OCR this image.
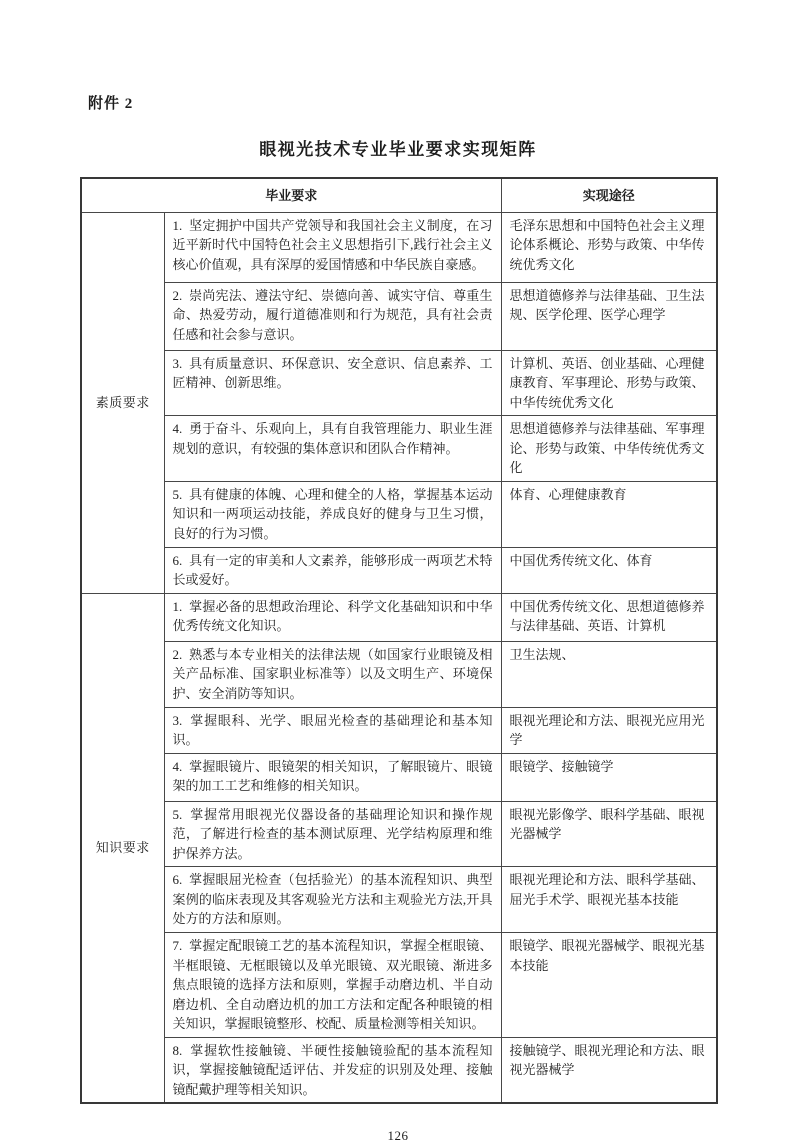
附件 2
眼视光技术专业毕业要求实现矩阵
毕业要求		实现途径
素质要求	1.  坚定拥护中国共产党领导和我国社会主义制度，在习近平新时代中国特色社会主义思想指引下,践行社会主义核心价值观，具有深厚的爱国情感和中华民族自豪感。	毛泽东思想和中国特色社会主义理论体系概论、形势与政策、中华传统优秀文化
	2.  崇尚宪法、遵法守纪、崇德向善、诚实守信、尊重生命、热爱劳动，履行道德准则和行为规范，具有社会责任感和社会参与意识。	思想道德修养与法律基础、卫生法规、医学伦理、医学心理学
	3.  具有质量意识、环保意识、安全意识、信息素养、工匠精神、创新思维。	计算机、英语、创业基础、心理健康教育、军事理论、形势与政策、中华传统优秀文化
	4.  勇于奋斗、乐观向上，具有自我管理能力、职业生涯规划的意识，有较强的集体意识和团队合作精神。	思想道德修养与法律基础、军事理论、形势与政策、中华传统优秀文化
	5.  具有健康的体魄、心理和健全的人格，掌握基本运动知识和一两项运动技能，养成良好的健身与卫生习惯，良好的行为习惯。	体育、心理健康教育
	6.  具有一定的审美和人文素养，能够形成一两项艺术特长或爱好。	中国优秀传统文化、体育
知识要求	1.  掌握必备的思想政治理论、科学文化基础知识和中华优秀传统文化知识。	中国优秀传统文化、思想道德修养与法律基础、英语、计算机
	2.  熟悉与本专业相关的法律法规（如国家行业眼镜及相关产品标准、国家职业标准等）以及文明生产、环境保护、安全消防等知识。	卫生法规、
	3.  掌握眼科、光学、眼屈光检查的基础理论和基本知识。	眼视光理论和方法、眼视光应用光学
	4.  掌握眼镜片、眼镜架的相关知识，了解眼镜片、眼镜架的加工工艺和维修的相关知识。	眼镜学、接触镜学
	5.  掌握常用眼视光仪器设备的基础理论知识和操作规范，了解进行检查的基本测试原理、光学结构原理和维护保养方法。	眼视光影像学、眼科学基础、眼视光器械学
	6.  掌握眼屈光检查（包括验光）的基本流程知识、典型案例的临床表现及其客观验光方法和主观验光方法,开具处方的方法和原则。	眼视光理论和方法、眼科学基础、屈光手术学、眼视光基本技能
	7.  掌握定配眼镜工艺的基本流程知识，掌握全框眼镜、半框眼镜、无框眼镜以及单光眼镜、双光眼镜、渐进多焦点眼镜的选择方法和原则，掌握手动磨边机、半自动磨边机、全自动磨边机的加工方法和定配各种眼镜的相关知识，掌握眼镜整形、校配、质量检测等相关知识。	眼镜学、眼视光器械学、眼视光基本技能
	8.  掌握软性接触镜、半硬性接触镜验配的基本流程知识，掌握接触镜配适评估、并发症的识别及处理、接触镜配戴护理等相关知识。	接触镜学、眼视光理论和方法、眼视光器械学
126
